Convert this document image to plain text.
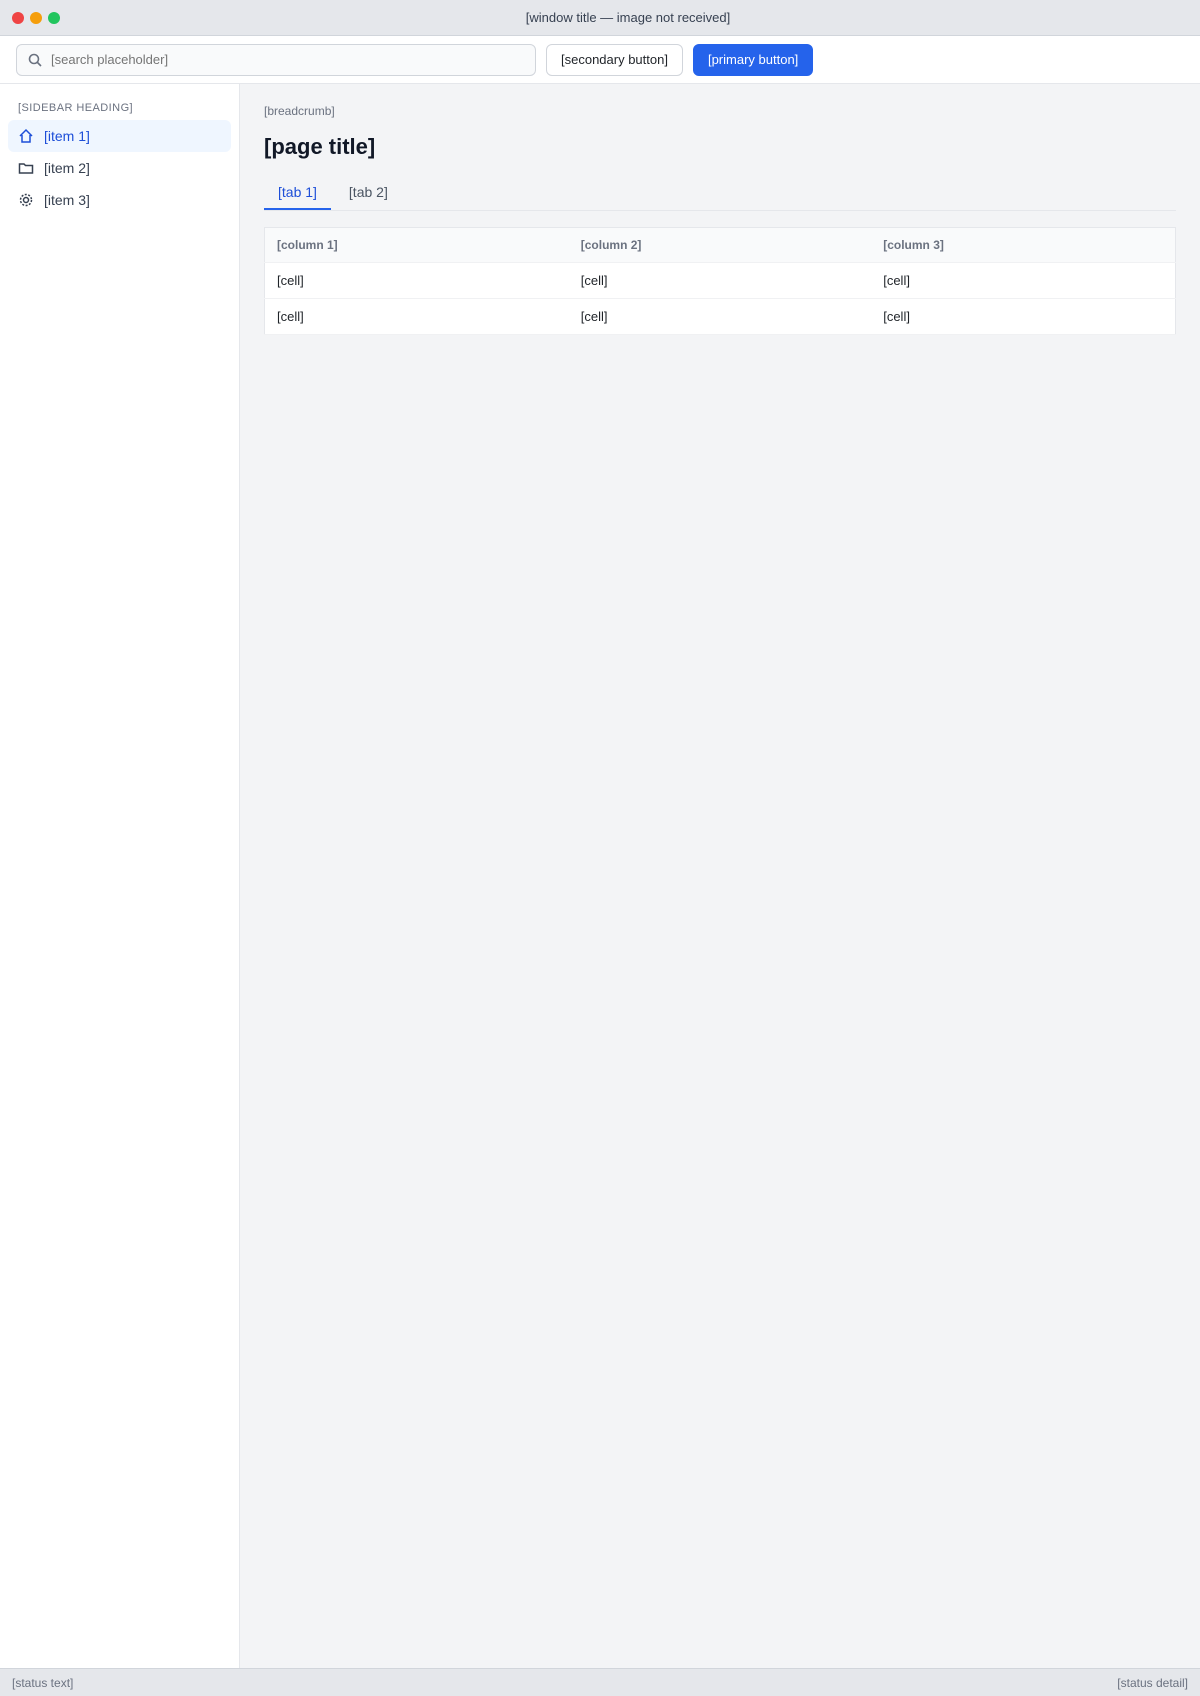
[window title — image not received]
[search placeholder]
[secondary button]	[primary button]
[SIDEBAR HEADING]
[item 1]
[item 2]
[item 3]
[breadcrumb]
[page title]
[tab 1]	[tab 2]
[column 1]	[column 2]	[column 3]
[cell]	[cell]	[cell]
[cell]	[cell]	[cell]
[status text]	[status detail]
